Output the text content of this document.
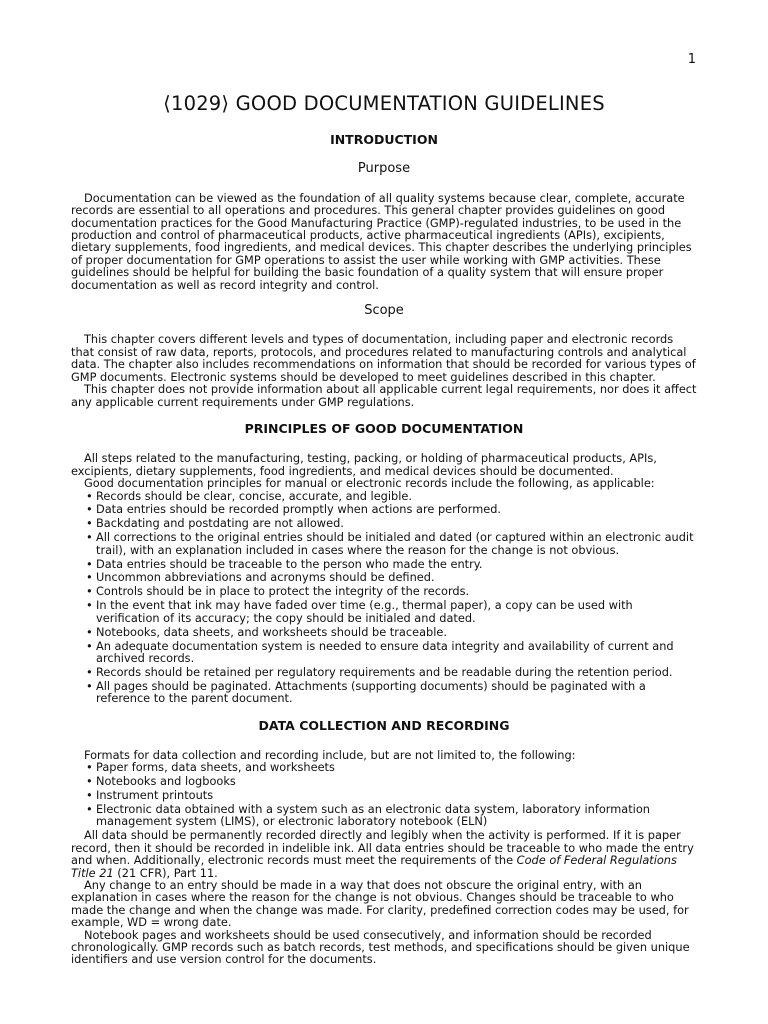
1
⟨1029⟩ GOOD DOCUMENTATION GUIDELINES
INTRODUCTION
Purpose

Documentation can be viewed as the foundation of all quality systems because clear, complete, accurate records are essential to all operations and procedures. This general chapter provides guidelines on good documentation practices for the Good Manufacturing Practice (GMP)-regulated industries, to be used in the production and control of pharmaceutical products, active pharmaceutical ingredients (APIs), excipients, dietary supplements, food ingredients, and medical devices. This chapter describes the underlying principles of proper documentation for GMP operations to assist the user while working with GMP activities. These guidelines should be helpful for building the basic foundation of a quality system that will ensure proper documentation as well as record integrity and control.

Scope

This chapter covers different levels and types of documentation, including paper and electronic records that consist of raw data, reports, protocols, and procedures related to manufacturing controls and analytical data. The chapter also includes recommendations on information that should be recorded for various types of GMP documents. Electronic systems should be developed to meet guidelines described in this chapter.

This chapter does not provide information about all applicable current legal requirements, nor does it affect any applicable current requirements under GMP regulations.

PRINCIPLES OF GOOD DOCUMENTATION

All steps related to the manufacturing, testing, packing, or holding of pharmaceutical products, APIs, excipients, dietary supplements, food ingredients, and medical devices should be documented.

Good documentation principles for manual or electronic records include the following, as applicable:

• Records should be clear, concise, accurate, and legible.
• Data entries should be recorded promptly when actions are performed.
• Backdating and postdating are not allowed.
• All corrections to the original entries should be initialed and dated (or captured within an electronic audit trail), with an explanation included in cases where the reason for the change is not obvious.
• Data entries should be traceable to the person who made the entry.
• Uncommon abbreviations and acronyms should be defined.
• Controls should be in place to protect the integrity of the records.
• In the event that ink may have faded over time (e.g., thermal paper), a copy can be used with verification of its accuracy; the copy should be initialed and dated.
• Notebooks, data sheets, and worksheets should be traceable.
• An adequate documentation system is needed to ensure data integrity and availability of current and archived records.
• Records should be retained per regulatory requirements and be readable during the retention period.
• All pages should be paginated. Attachments (supporting documents) should be paginated with a reference to the parent document.
DATA COLLECTION AND RECORDING

Formats for data collection and recording include, but are not limited to, the following:

• Paper forms, data sheets, and worksheets
• Notebooks and logbooks
• Instrument printouts
• Electronic data obtained with a system such as an electronic data system, laboratory information management system (LIMS), or electronic laboratory notebook (ELN)

All data should be permanently recorded directly and legibly when the activity is performed. If it is paper record, then it should be recorded in indelible ink. All data entries should be traceable to who made the entry and when. Additionally, electronic records must meet the requirements of the Code of Federal Regulations Title 21 (21 CFR), Part 11.

Any change to an entry should be made in a way that does not obscure the original entry, with an explanation in cases where the reason for the change is not obvious. Changes should be traceable to who made the change and when the change was made. For clarity, predefined correction codes may be used, for example, WD = wrong date.

Notebook pages and worksheets should be used consecutively, and information should be recorded chronologically. GMP records such as batch records, test methods, and specifications should be given unique identifiers and use version control for the documents.
